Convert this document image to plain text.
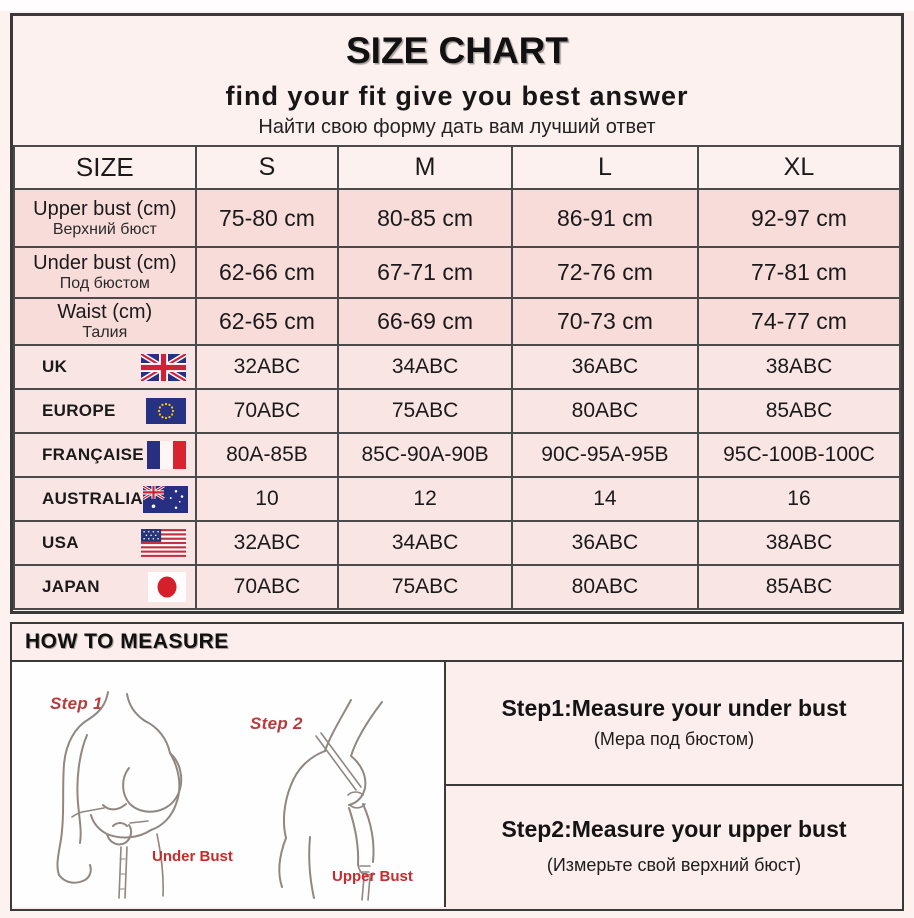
SIZE CHART
find your fit give you best answer
Найти свою форму дать вам лучший ответ
SIZE	S	M	L	XL

Upper bust (cm)
Верхний бюст	75-80 cm	80-85 cm	86-91 cm	92-97 cm

Under bust (cm)
Под бюстом	62-66 cm	67-71 cm	72-76 cm	77-81 cm

Waist (cm)
Талия	62-65 cm	66-69 cm	70-73 cm	74-77 cm

UK	32ABC	34ABC	36ABC	38ABC

EUROPE	70ABC	75ABC	80ABC	85ABC

FRANÇAISE	80A-85B	85C-90A-90B	90C-95A-95B	95C-100B-100C

AUSTRALIA	10	12	14	16

USA	32ABC	34ABC	36ABC	38ABC

JAPAN	70ABC	75ABC	80ABC	85ABC
HOW TO MEASURE
Step 1
Step 2
Under Bust
Upper Bust
Step1:Measure your under bust
(Мера под бюстом)
Step2:Measure your upper bust
(Измерьте свой верхний бюст)
